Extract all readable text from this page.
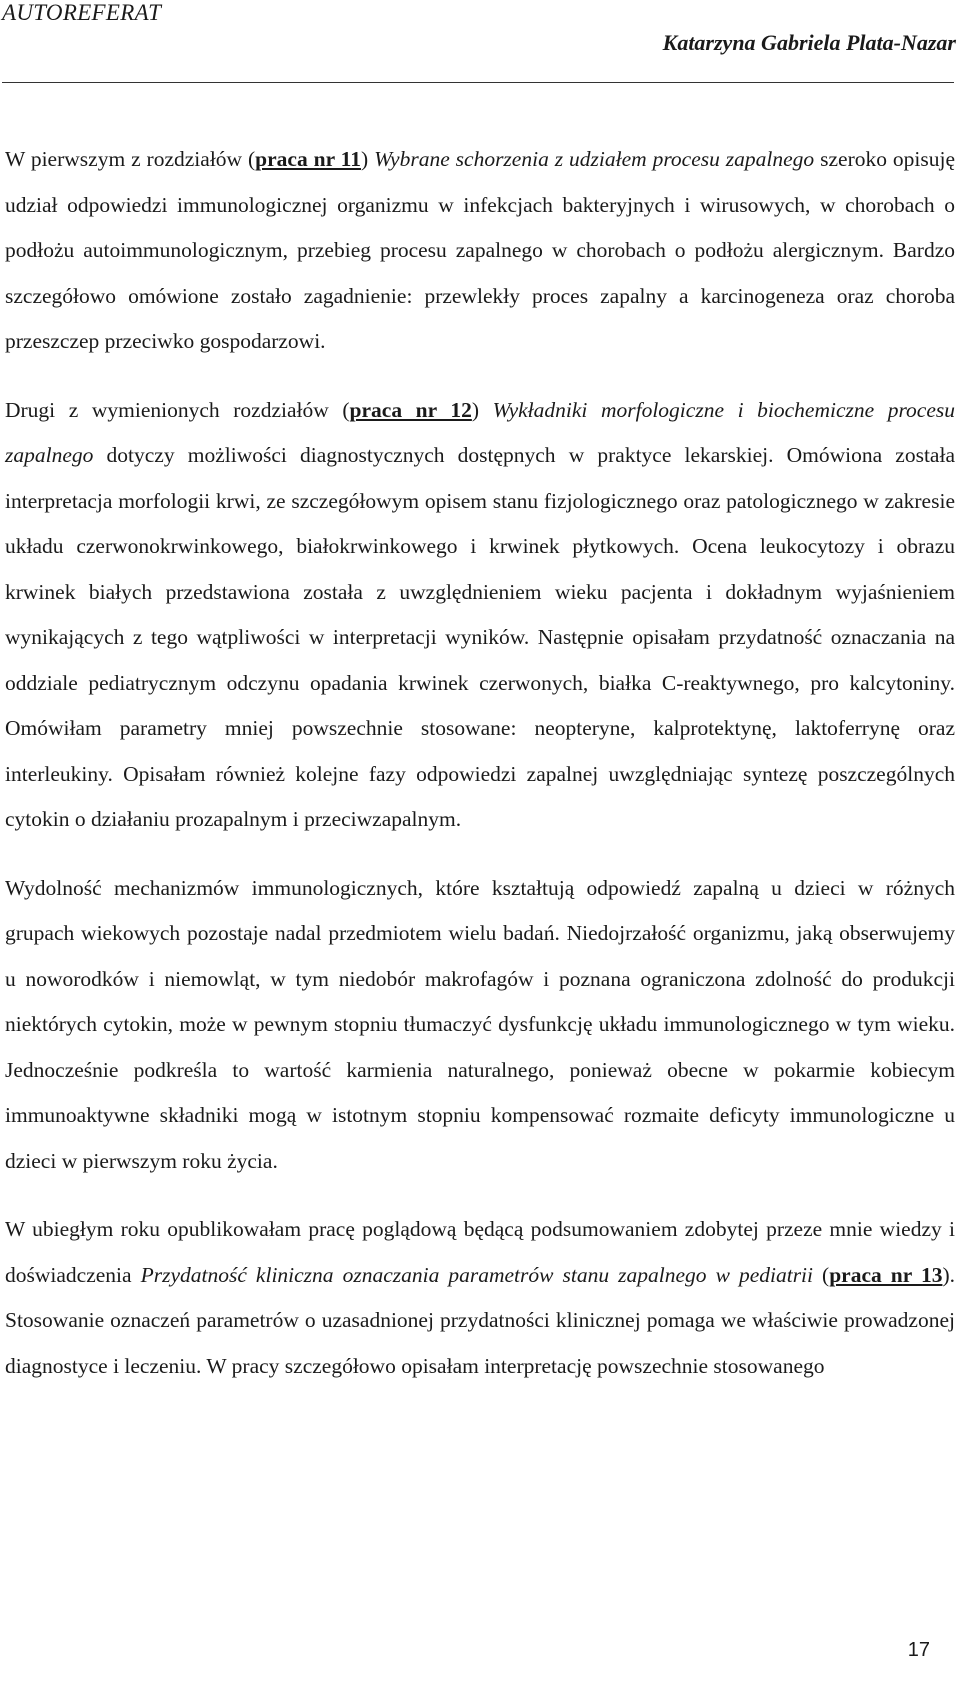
AUTOREFERAT
Katarzyna Gabriela Plata-Nazar

W pierwszym z rozdziałów (praca nr 11) Wybrane schorzenia z udziałem procesu zapalnego szeroko opisuję udział odpowiedzi immunologicznej organizmu w infekcjach bakteryjnych i wirusowych, w chorobach o podłożu autoimmunologicznym, przebieg procesu zapalnego w chorobach o podłożu alergicznym. Bardzo szczegółowo omówione zostało zagadnienie: przewlekły proces zapalny a karcinogeneza oraz choroba przeszczep przeciwko gospodarzowi.

Drugi z wymienionych rozdziałów (praca nr 12) Wykładniki morfologiczne i biochemiczne procesu zapalnego dotyczy możliwości diagnostycznych dostępnych w praktyce lekarskiej. Omówiona została interpretacja morfologii krwi, ze szczegółowym opisem stanu fizjologicznego oraz patologicznego w zakresie układu czerwonokrwinkowego, białokrwinkowego i krwinek płytkowych. Ocena leukocytozy i obrazu krwinek białych przedstawiona została z uwzględnieniem wieku pacjenta i dokładnym wyjaśnieniem wynikających z tego wątpliwości w interpretacji wyników. Następnie opisałam przydatność oznaczania na oddziale pediatrycznym odczynu opadania krwinek czerwonych, białka C-reaktywnego, pro kalcytoniny. Omówiłam parametry mniej powszechnie stosowane: neopteryne, kalprotektynę, laktoferrynę oraz interleukiny. Opisałam również kolejne fazy odpowiedzi zapalnej uwzględniając syntezę poszczególnych cytokin o działaniu prozapalnym i przeciwzapalnym.

Wydolność mechanizmów immunologicznych, które kształtują odpowiedź zapalną u dzieci w różnych grupach wiekowych pozostaje nadal przedmiotem wielu badań. Niedojrzałość organizmu, jaką obserwujemy u noworodków i niemowląt, w tym niedobór makrofagów i poznana ograniczona zdolność do produkcji niektórych cytokin, może w pewnym stopniu tłumaczyć dysfunkcję układu immunologicznego w tym wieku. Jednocześnie podkreśla to wartość karmienia naturalnego, ponieważ obecne w pokarmie kobiecym immunoaktywne składniki mogą w istotnym stopniu kompensować rozmaite deficyty immunologiczne u dzieci w pierwszym roku życia.

W ubiegłym roku opublikowałam pracę poglądową będącą podsumowaniem zdobytej przeze mnie wiedzy i doświadczenia Przydatność kliniczna oznaczania parametrów stanu zapalnego w pediatrii (praca nr 13). Stosowanie oznaczeń parametrów o uzasadnionej przydatności klinicznej pomaga we właściwie prowadzonej diagnostyce i leczeniu. W pracy szczegółowo opisałam interpretację powszechnie stosowanego

17
